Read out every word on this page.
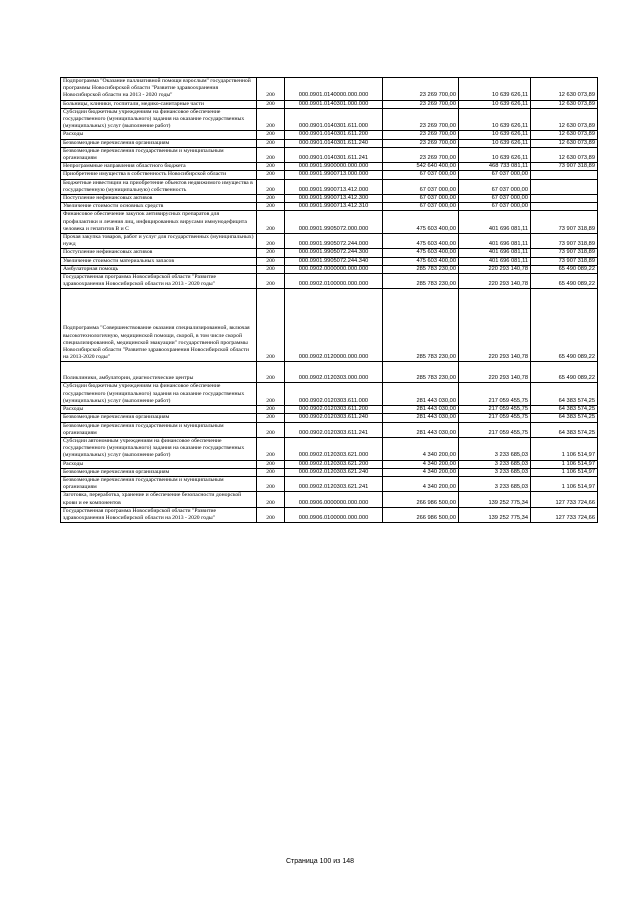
Подпрограмма "Оказание паллиативной помощи взрослым" государственной программы Новосибирской области "Развитие здравоохранения Новосибирской области на 2013 - 2020 годы"	200	000.0901.0140000.000.000	23 269 700,00	10 639 626,11	12 630 073,89
Больницы, клиники, госпитали, медико-санитарные части	200	000.0901.0140301.000.000	23 269 700,00	10 639 626,11	12 630 073,89
Субсидии бюджетным учреждениям на финансовое обеспечение государственного (муниципального) задания на оказание государственных (муниципальных) услуг (выполнение работ)	200	000.0901.0140301.611.000	23 269 700,00	10 639 626,11	12 630 073,89
Расходы	200	000.0901.0140301.611.200	23 269 700,00	10 639 626,11	12 630 073,89
Безвозмездные перечисления организациям	200	000.0901.0140301.611.240	23 269 700,00	10 639 626,11	12 630 073,89
Безвозмездные перечисления государственным и муниципальным организациям	200	000.0901.0140301.611.241	23 269 700,00	10 639 626,11	12 630 073,89
Непрограммные направления областного бюджета	200	000.0901.9900000.000.000	542 640 400,00	468 733 081,11	73 907 318,89
Приобретение имущества в собственность Новосибирской области	200	000.0901.9900713.000.000	67 037 000,00	67 037 000,00	
Бюджетные инвестиции на приобретение объектов недвижимого имущества в государственную (муниципальную) собственность	200	000.0901.9900713.412.000	67 037 000,00	67 037 000,00	
Поступление нефинансовых активов	200	000.0901.9900713.412.300	67 037 000,00	67 037 000,00	
Увеличение стоимости основных средств	200	000.0901.9900713.412.310	67 037 000,00	67 037 000,00	
Финансовое обеспечение закупок антивирусных препаратов для профилактики и лечения лиц, инфицированных вирусами иммунодефицита человека и гепатитов В и С	200	000.0901.9905072.000.000	475 603 400,00	401 696 081,11	73 907 318,89
Прочая закупка товаров, работ и услуг для государственных (муниципальных) нужд	200	000.0901.9905072.244.000	475 603 400,00	401 696 081,11	73 907 318,89
Поступление нефинансовых активов	200	000.0901.9905072.244.300	475 603 400,00	401 696 081,11	73 907 318,89
Увеличение стоимости материальных запасов	200	000.0901.9905072.244.340	475 603 400,00	401 696 081,11	73 907 318,89
Амбулаторная помощь	200	000.0902.0000000.000.000	285 783 230,00	220 293 140,78	65 490 089,22
Государственная программа Новосибирской области "Развитие здравоохранения Новосибирской области на 2013 - 2020 годы"	200	000.0902.0100000.000.000	285 783 230,00	220 293 140,78	65 490 089,22
Подпрограмма "Совершенствование оказания специализированной, включая высокотехнологичную, медицинской помощи, скорой, в том числе скорой специализированной, медицинской эвакуации" государственной программы Новосибирской области "Развитие здравоохранения Новосибирской области на 2013-2020 годы"	200	000.0902.0120000.000.000	285 783 230,00	220 293 140,78	65 490 089,22
Поликлиники, амбулатории, диагностические центры	200	000.0902.0120303.000.000	285 783 230,00	220 293 140,78	65 490 089,22
Субсидии бюджетным учреждениям на финансовое обеспечение государственного (муниципального) задания на оказание государственных (муниципальных) услуг (выполнение работ)	200	000.0902.0120303.611.000	281 443 030,00	217 059 455,75	64 383 574,25
Расходы	200	000.0902.0120303.611.200	281 443 030,00	217 059 455,75	64 383 574,25
Безвозмездные перечисления организациям	200	000.0902.0120303.611.240	281 443 030,00	217 059 455,75	64 383 574,25
Безвозмездные перечисления государственным и муниципальным организациям	200	000.0902.0120303.611.241	281 443 030,00	217 059 455,75	64 383 574,25
Субсидии автономным учреждениям на финансовое обеспечение государственного (муниципального) задания на оказание государственных (муниципальных) услуг (выполнение работ)	200	000.0902.0120303.621.000	4 340 200,00	3 233 685,03	1 106 514,97
Расходы	200	000.0902.0120303.621.200	4 340 200,00	3 233 685,03	1 106 514,97
Безвозмездные перечисления организациям	200	000.0902.0120303.621.240	4 340 200,00	3 233 685,03	1 106 514,97
Безвозмездные перечисления государственным и муниципальным организациям	200	000.0902.0120303.621.241	4 340 200,00	3 233 685,03	1 106 514,97
Заготовка, переработка, хранение и обеспечение безопасности донорской крови и ее компонентов	200	000.0906.0000000.000.000	266 986 500,00	139 252 775,34	127 733 724,66
Государственная программа Новосибирской области "Развитие здравоохранения Новосибирской области на 2013 - 2020 годы"	200	000.0906.0100000.000.000	266 986 500,00	139 252 775,34	127 733 724,66
Страница 100 из 148
